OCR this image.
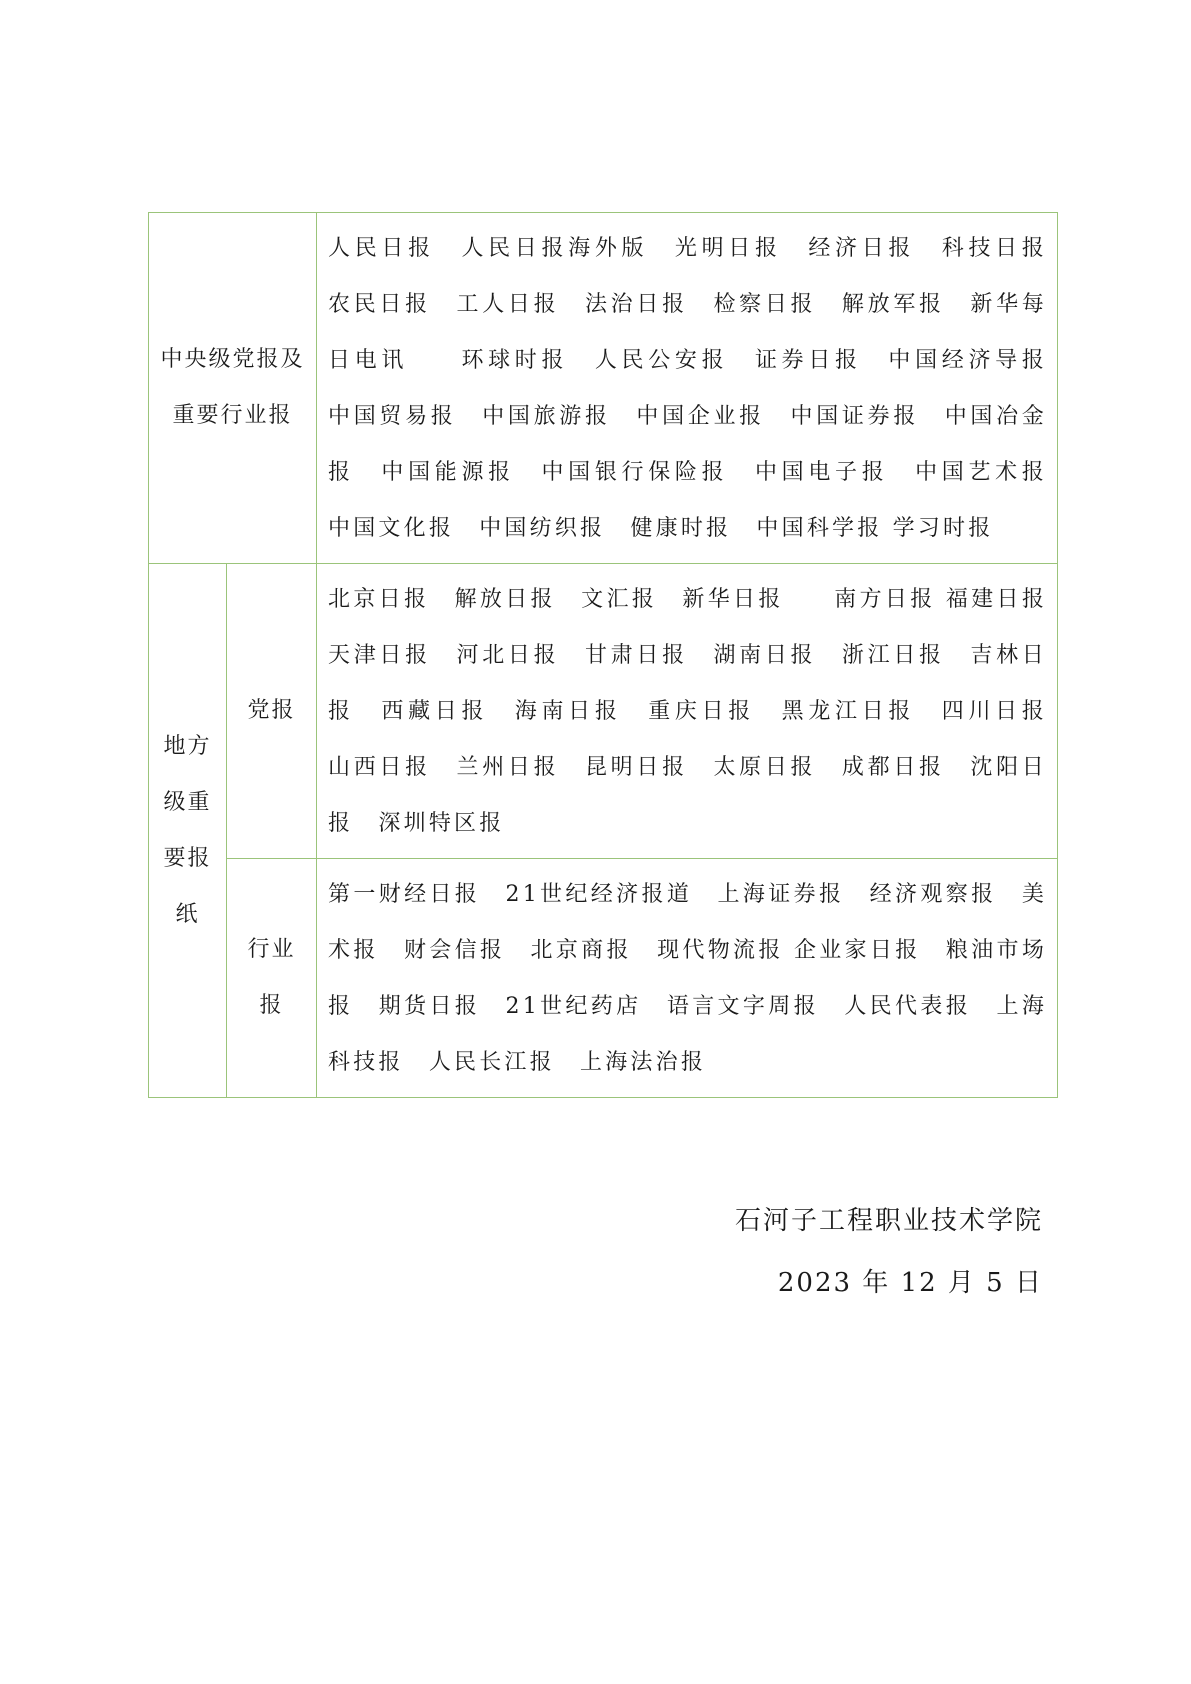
中央级党报及
重要行业报		人民日报　人民日报海外版　光明日报　经济日报　科技日报　农民日报　工人日报　法治日报　检察日报　解放军报　新华每日电讯　　环球时报　人民公安报　证券日报　中国经济导报　中国贸易报　中国旅游报　中国企业报　中国证券报　中国冶金报　中国能源报　中国银行保险报　中国电子报　中国艺术报　中国文化报　中国纺织报　健康时报　中国科学报 学习时报

地方
级重
要报
纸	党报	北京日报　解放日报　文汇报　新华日报　　南方日报 福建日报 天津日报　河北日报　甘肃日报　湖南日报　浙江日报　吉林日报　西藏日报　海南日报　重庆日报　黑龙江日报　四川日报　山西日报　兰州日报　昆明日报　太原日报　成都日报　沈阳日报　深圳特区报

	行业
报	第一财经日报　21世纪经济报道　上海证券报　经济观察报　美术报　财会信报　北京商报　现代物流报 企业家日报　粮油市场报　期货日报　21世纪药店　语言文字周报　人民代表报　上海科技报　人民长江报　上海法治报
石河子工程职业技术学院
2023 年 12 月 5 日
